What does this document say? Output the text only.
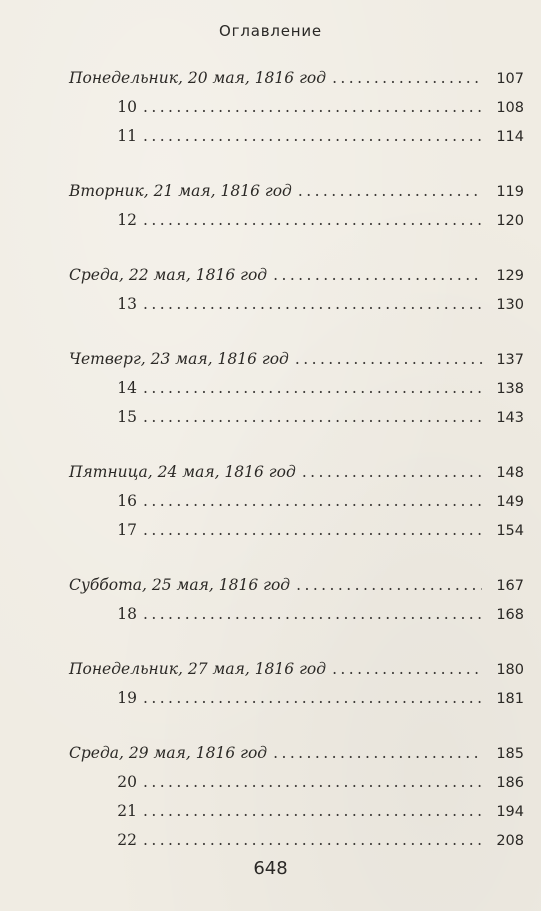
Оглавление
Понедельник, 20 мая, 1816 год . . .	107
10 . . .	108
11 . . .	114
Вторник, 21 мая, 1816 год . . .	119
12 . . .	120
Среда, 22 мая, 1816 год . . .	129
13 . . .	130
Четверг, 23 мая, 1816 год . . .	137
14 . . .	138
15 . . .	143
Пятница, 24 мая, 1816 год . . .	148
16 . . .	149
17 . . .	154
Суббота, 25 мая, 1816 год . . .	167
18 . . .	168
Понедельник, 27 мая, 1816 год . . .	180
19 . . .	181
Среда, 29 мая, 1816 год . . .	185
20 . . .	186
21 . . .	194
22 . . .	208
648
